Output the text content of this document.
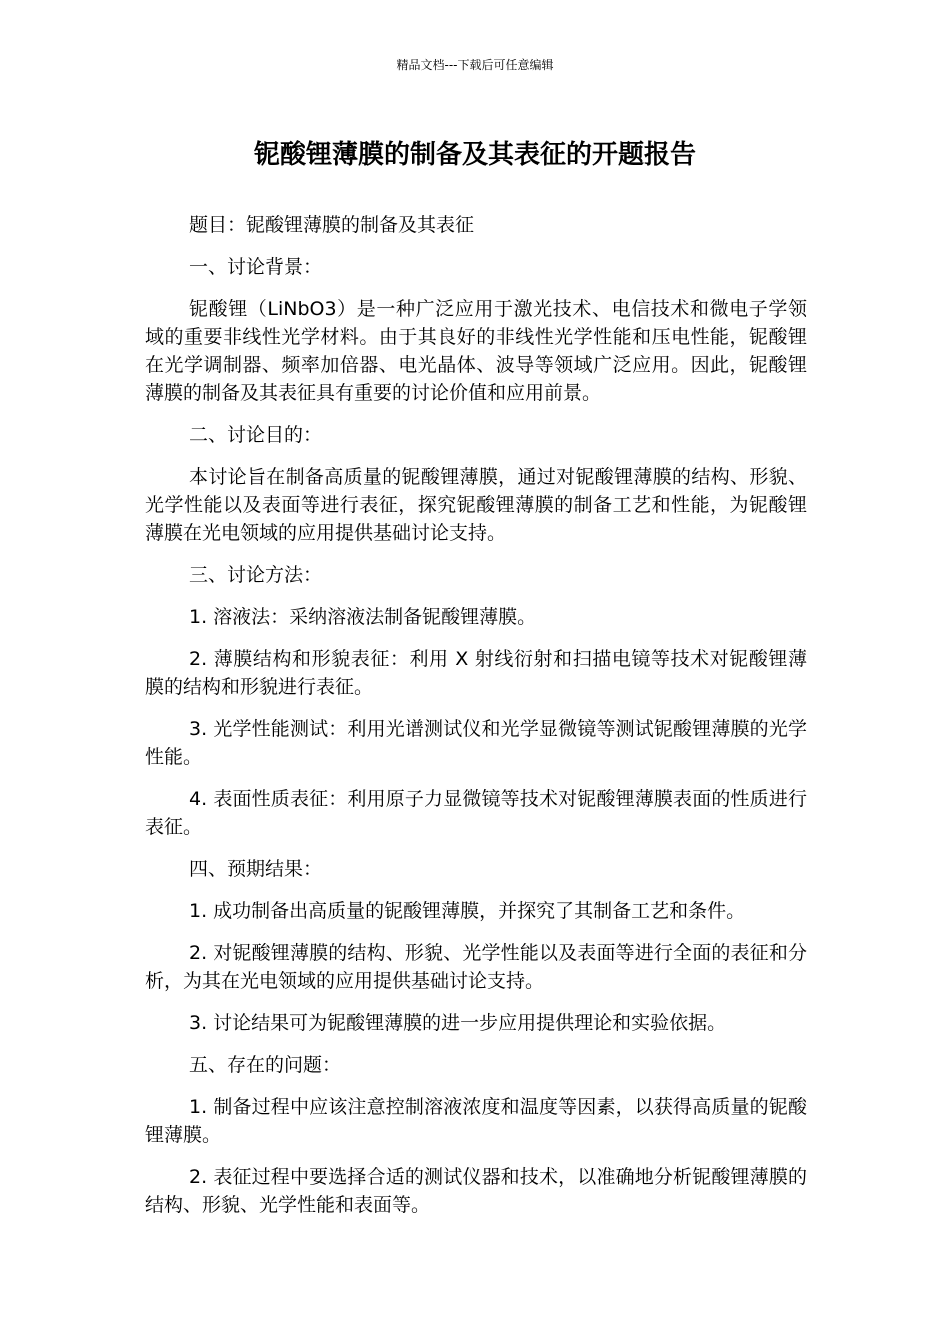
精品文档---下载后可任意编辑
铌酸锂薄膜的制备及其表征的开题报告

题目：铌酸锂薄膜的制备及其表征

一、讨论背景：

铌酸锂（LiNbO3）是一种广泛应用于激光技术、电信技术和微电子学领域的重要非线性光学材料。由于其良好的非线性光学性能和压电性能，铌酸锂在光学调制器、频率加倍器、电光晶体、波导等领域广泛应用。因此，铌酸锂薄膜的制备及其表征具有重要的讨论价值和应用前景。

二、讨论目的：

本讨论旨在制备高质量的铌酸锂薄膜，通过对铌酸锂薄膜的结构、形貌、光学性能以及表面等进行表征，探究铌酸锂薄膜的制备工艺和性能，为铌酸锂薄膜在光电领域的应用提供基础讨论支持。

三、讨论方法：

1. 溶液法：采纳溶液法制备铌酸锂薄膜。

2. 薄膜结构和形貌表征：利用 X 射线衍射和扫描电镜等技术对铌酸锂薄膜的结构和形貌进行表征。

3. 光学性能测试：利用光谱测试仪和光学显微镜等测试铌酸锂薄膜的光学性能。

4. 表面性质表征：利用原子力显微镜等技术对铌酸锂薄膜表面的性质进行表征。

四、预期结果：

1. 成功制备出高质量的铌酸锂薄膜，并探究了其制备工艺和条件。

2. 对铌酸锂薄膜的结构、形貌、光学性能以及表面等进行全面的表征和分析，为其在光电领域的应用提供基础讨论支持。

3. 讨论结果可为铌酸锂薄膜的进一步应用提供理论和实验依据。

五、存在的问题：

1. 制备过程中应该注意控制溶液浓度和温度等因素，以获得高质量的铌酸锂薄膜。

2. 表征过程中要选择合适的测试仪器和技术，以准确地分析铌酸锂薄膜的结构、形貌、光学性能和表面等。
